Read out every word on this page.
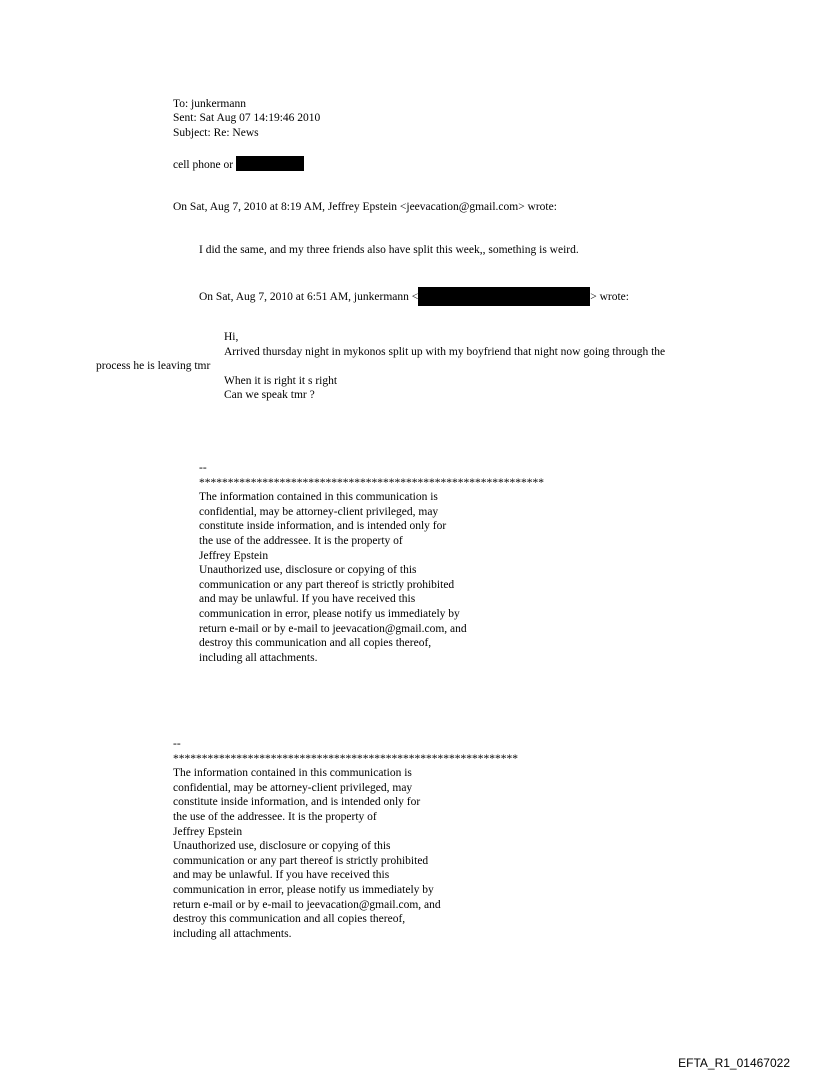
To: junkermann
Sent: Sat Aug 07 14:19:46 2010
Subject: Re: News
cell phone or
On Sat, Aug 7, 2010 at 8:19 AM, Jeffrey Epstein <jeevacation@gmail.com> wrote:
I did the same, and my three friends also have split this week,, something is weird.
On Sat, Aug 7, 2010 at 6:51 AM, junkermann <	> wrote:
Hi,
Arrived thursday night in mykonos split up with my boyfriend that night now going through the
process he is leaving tmr
When it is right it s right
Can we speak tmr ?
--
************************************************************
The information contained in this communication is
confidential, may be attorney-client privileged, may
constitute inside information, and is intended only for
the use of the addressee. It is the property of
Jeffrey Epstein
Unauthorized use, disclosure or copying of this
communication or any part thereof is strictly prohibited
and may be unlawful. If you have received this
communication in error, please notify us immediately by
return e-mail or by e-mail to jeevacation@gmail.com, and
destroy this communication and all copies thereof,
including all attachments.
--
************************************************************
The information contained in this communication is
confidential, may be attorney-client privileged, may
constitute inside information, and is intended only for
the use of the addressee. It is the property of
Jeffrey Epstein
Unauthorized use, disclosure or copying of this
communication or any part thereof is strictly prohibited
and may be unlawful. If you have received this
communication in error, please notify us immediately by
return e-mail or by e-mail to jeevacation@gmail.com, and
destroy this communication and all copies thereof,
including all attachments.
EFTA_R1_01467022
